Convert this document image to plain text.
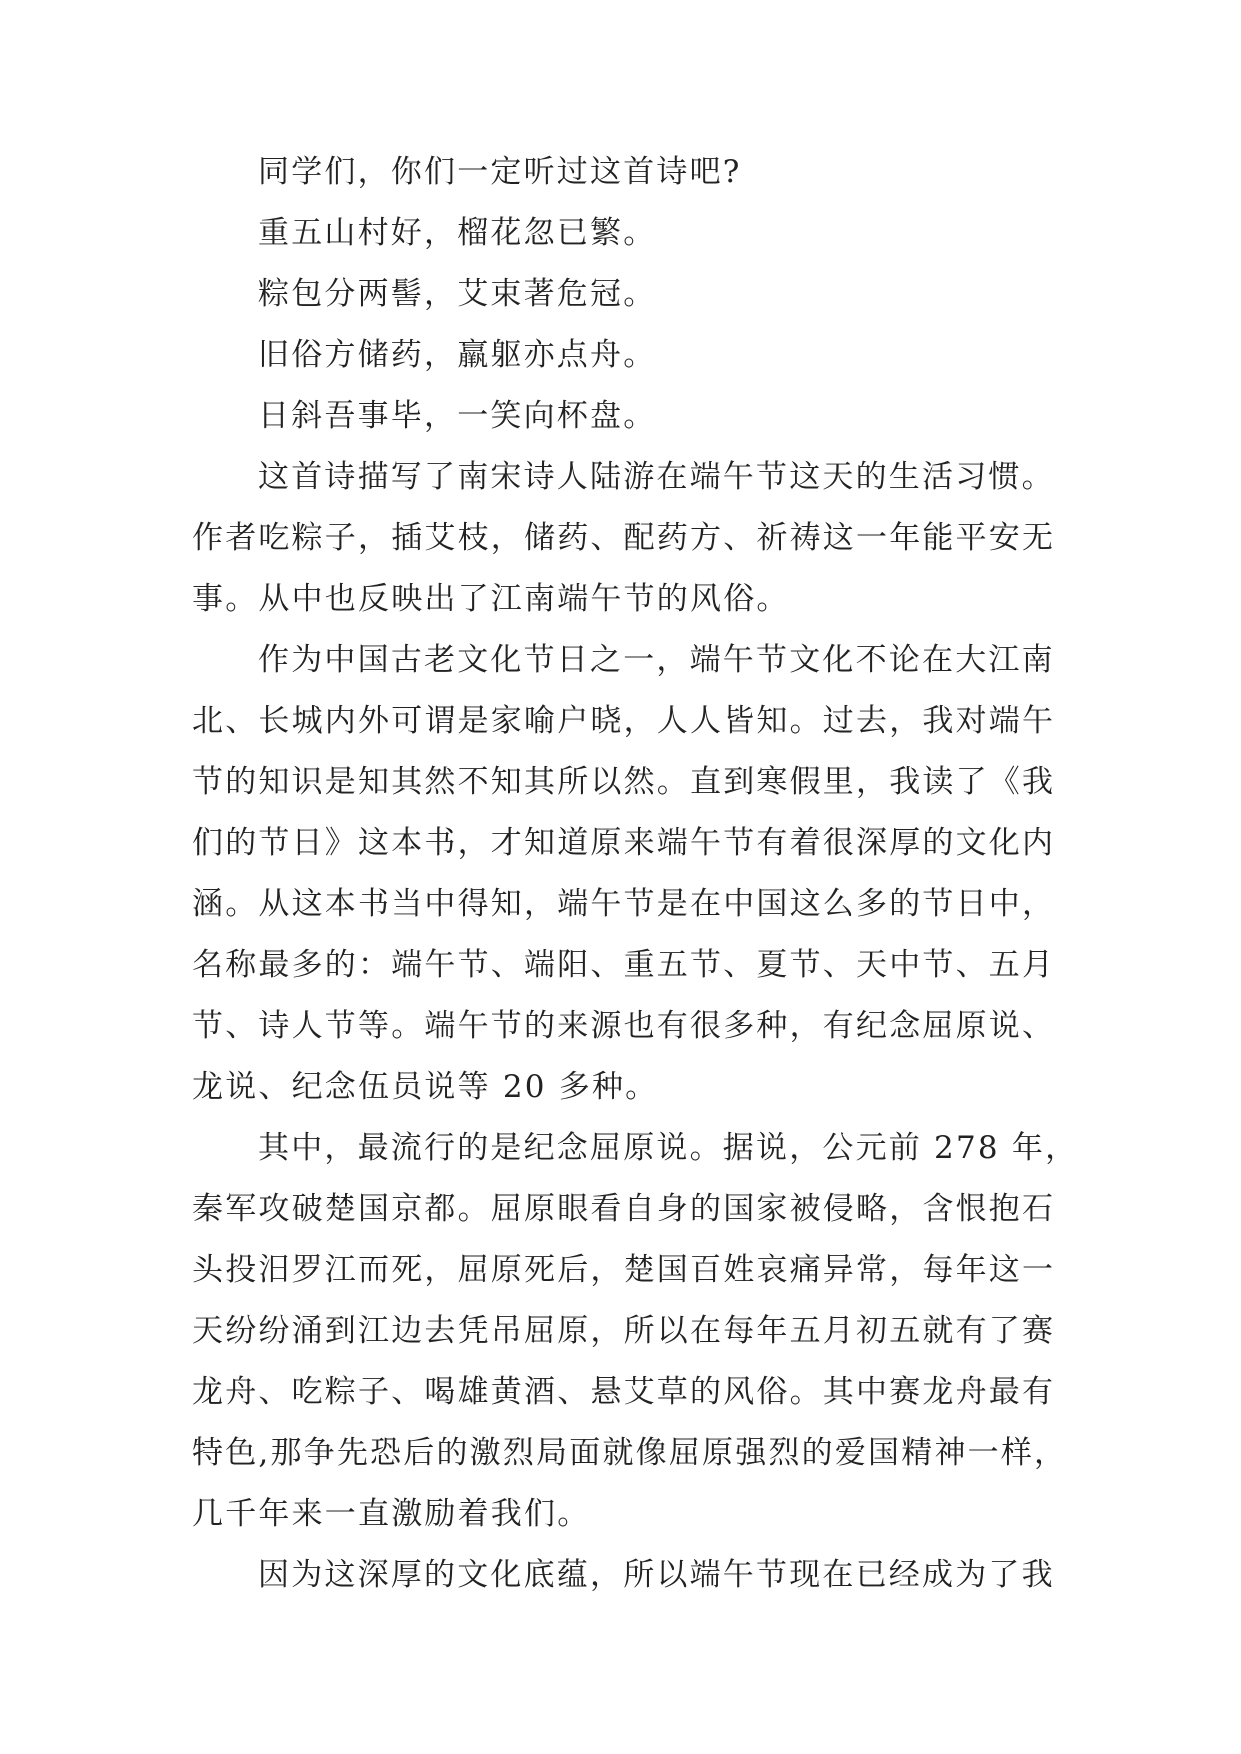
同学们，你们一定听过这首诗吧?
重五山村好，榴花忽已繁。
粽包分两髻，艾束著危冠。
旧俗方储药，羸躯亦点舟。
日斜吾事毕，一笑向杯盘。
这首诗描写了南宋诗人陆游在端午节这天的生活习惯。
作者吃粽子，插艾枝，储药、配药方、祈祷这一年能平安无
事。从中也反映出了江南端午节的风俗。
作为中国古老文化节日之一，端午节文化不论在大江南
北、长城内外可谓是家喻户晓，人人皆知。过去，我对端午
节的知识是知其然不知其所以然。直到寒假里，我读了《我
们的节日》这本书，才知道原来端午节有着很深厚的文化内
涵。从这本书当中得知，端午节是在中国这么多的节日中，
名称最多的：端午节、端阳、重五节、夏节、天中节、五月
节、诗人节等。端午节的来源也有很多种，有纪念屈原说、
龙说、纪念伍员说等 20 多种。
其中，最流行的是纪念屈原说。据说，公元前 278 年，
秦军攻破楚国京都。屈原眼看自身的国家被侵略，含恨抱石
头投汨罗江而死，屈原死后，楚国百姓哀痛异常，每年这一
天纷纷涌到江边去凭吊屈原，所以在每年五月初五就有了赛
龙舟、吃粽子、喝雄黄酒、悬艾草的风俗。其中赛龙舟最有
特色,那争先恐后的激烈局面就像屈原强烈的爱国精神一样，
几千年来一直激励着我们。
因为这深厚的文化底蕴，所以端午节现在已经成为了我
